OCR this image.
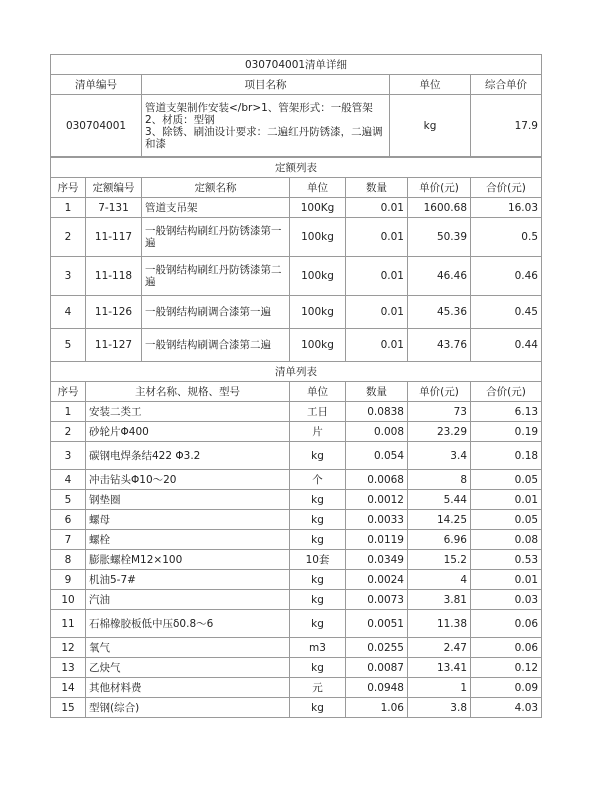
030704001清单详细			
清单编号	项目名称	单位	综合单价
030704001	管道支架制作安装</br>1、管架形式：一般管架
2、材质：型钢
3、除锈、刷油设计要求：二遍红丹防锈漆，二遍调和漆	kg	17.9
定额列表						
序号	定额编号	定额名称	单位	数量	单价(元)	合价(元)
1	7-131	管道支吊架	100Kg	0.01	1600.68	16.03
2	11-117	一般钢结构刷红丹防锈漆第一遍	100kg	0.01	50.39	0.5
3	11-118	一般钢结构刷红丹防锈漆第二遍	100kg	0.01	46.46	0.46
4	11-126	一般钢结构刷调合漆第一遍	100kg	0.01	45.36	0.45
5	11-127	一般钢结构刷调合漆第二遍	100kg	0.01	43.76	0.44
清单列表					
序号	主材名称、规格、型号	单位	数量	单价(元)	合价(元)
1	安装二类工	工日	0.0838	73	6.13
2	砂轮片Φ400	片	0.008	23.29	0.19
3	碳钢电焊条结422 Φ3.2	kg	0.054	3.4	0.18
4	冲击钻头Φ10～20	个	0.0068	8	0.05
5	钢垫圈	kg	0.0012	5.44	0.01
6	螺母	kg	0.0033	14.25	0.05
7	螺栓	kg	0.0119	6.96	0.08
8	膨胀螺栓M12×100	10套	0.0349	15.2	0.53
9	机油5-7#	kg	0.0024	4	0.01
10	汽油	kg	0.0073	3.81	0.03
11	石棉橡胶板低中压δ0.8～6	kg	0.0051	11.38	0.06
12	氧气	m3	0.0255	2.47	0.06
13	乙炔气	kg	0.0087	13.41	0.12
14	其他材料费	元	0.0948	1	0.09
15	型钢(综合)	kg	1.06	3.8	4.03
